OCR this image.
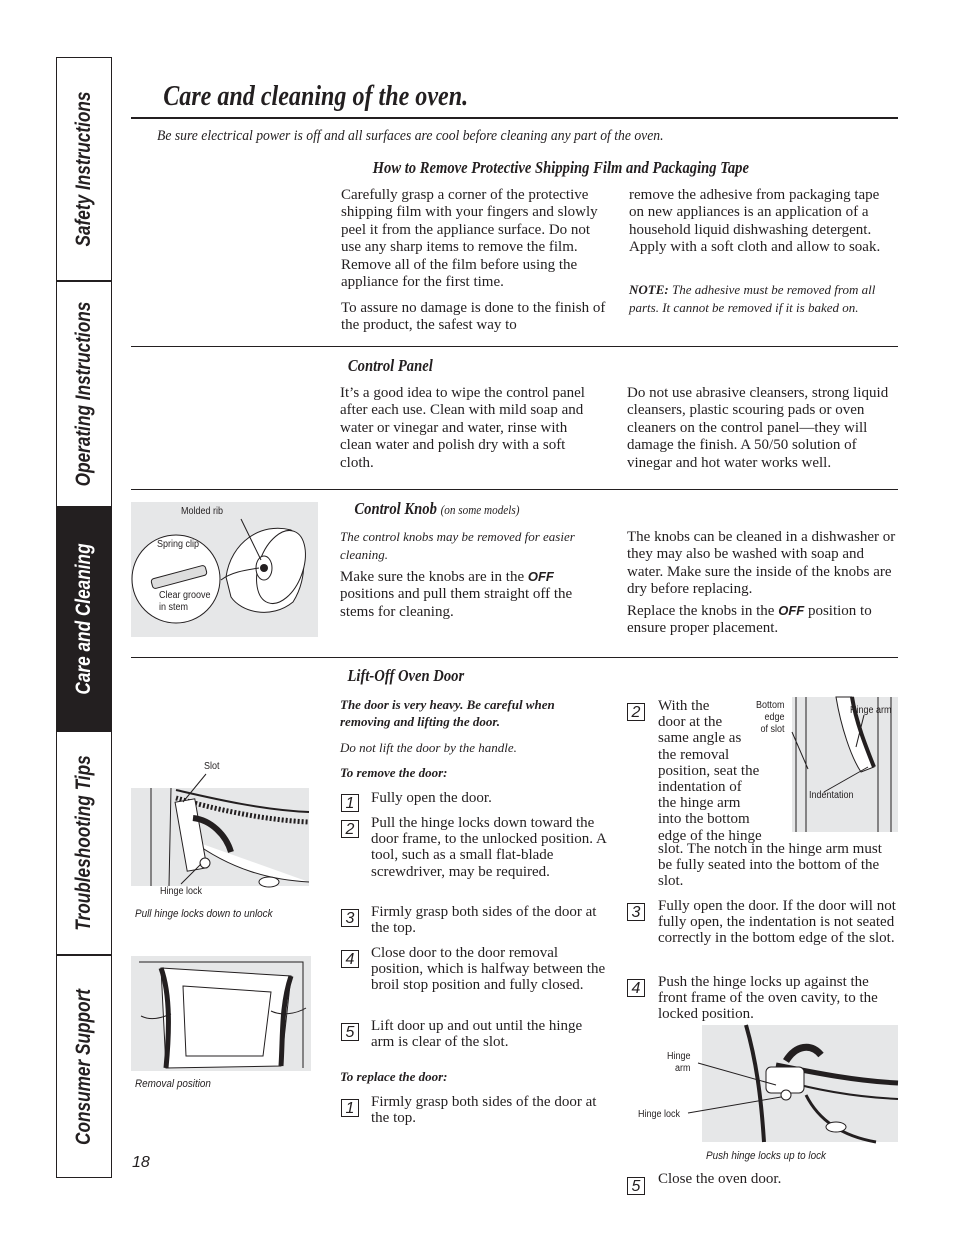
Safety Instructions
Operating Instructions
Care and Cleaning
Troubleshooting Tips
Consumer Support
Care and cleaning of the oven.
Be sure electrical power is off and all surfaces are cool before cleaning any part of the oven.
How to Remove Protective Shipping Film and Packaging Tape
Carefully grasp a corner of the protective shipping film with your fingers and slowly peel it from the appliance surface. Do not use any sharp items to remove the film. Remove all of the film before using the appliance for the first time.
To assure no damage is done to the finish of the product, the safest way to
remove the adhesive from packaging tape on new appliances is an application of a household liquid dishwashing detergent. Apply with a soft cloth and allow to soak.
NOTE: The adhesive must be removed from all
parts. It cannot be removed if it is baked on.
Control Panel
It’s a good idea to wipe the control panel after each use. Clean with mild soap and water or vinegar and water, rinse with clean water and polish dry with a soft cloth.
Do not use abrasive cleansers, strong liquid cleansers, plastic scouring pads or oven cleaners on the control panel—they will damage the finish. A 50/50 solution of vinegar and hot water works well.
Molded rib
Spring clip
Clear groove
in stem
Control Knob (on some models)
The control knobs may be removed for easier cleaning.
Make sure the knobs are in the OFF positions and pull them straight off the stems for cleaning.
The knobs can be cleaned in a dishwasher or they may also be washed with soap and water. Make sure the inside of the knobs are dry before replacing.
Replace the knobs in the OFF position to ensure proper placement.
Lift-Off Oven Door
The door is very heavy. Be careful when removing and lifting the door.
Do not lift the door by the handle.
To remove the door:
1	Fully open the door.
2	Pull the hinge locks down toward the door frame, to the unlocked position. A tool, such as a small flat-blade screwdriver, may be required.
3	Firmly grasp both sides of the door at the top.
4	Close door to the door removal position, which is halfway between the broil stop position and fully closed.
5	Lift door up and out until the hinge arm is clear of the slot.
To replace the door:
1	Firmly grasp both sides of the door at the top.
2	With the
door at the
same angle as
the removal
position, seat the
indentation of
the hinge arm
into the bottom
edge of the hinge
slot. The notch in the hinge arm must be fully seated into the bottom of the slot.
3	Fully open the door. If the door will not fully open, the indentation is not seated correctly in the bottom edge of the slot.
4	Push the hinge locks up against the front frame of the oven cavity, to the locked position.
5	Close the oven door.
Slot
Hinge lock
Pull hinge locks down to unlock
Removal position
Bottom
edge
of slot
Hinge arm
Indentation
Hinge
arm
Hinge lock
Push hinge locks up to lock
18
